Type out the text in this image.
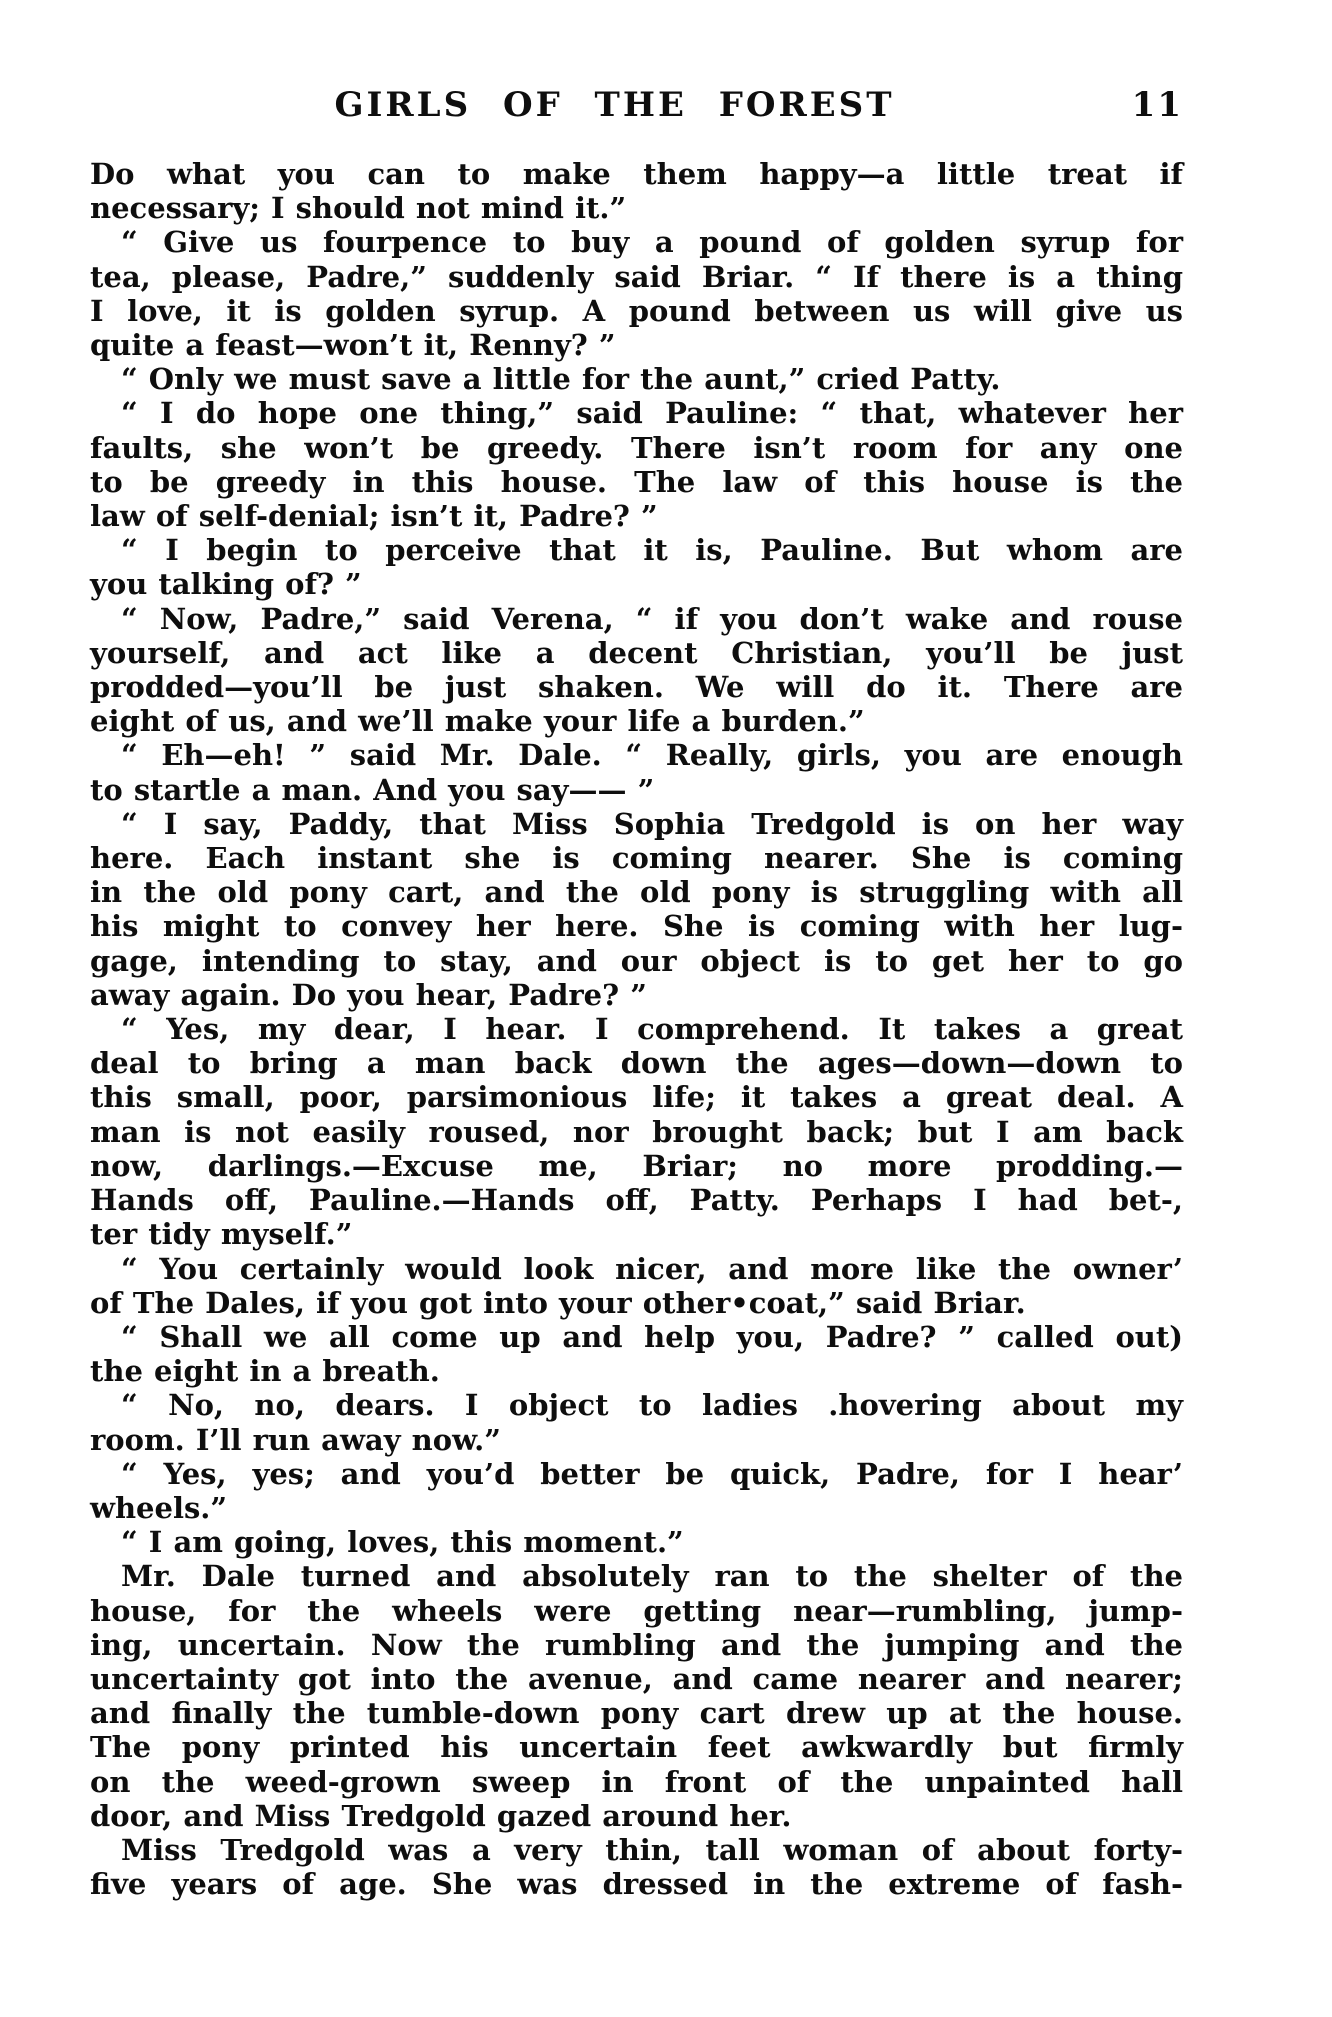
GIRLS OF THE FOREST	11
Do what you can to make them happy—a little treat if
necessary; I should not mind it.”
“ Give us fourpence to buy a pound of golden syrup for
tea, please, Padre,” suddenly said Briar. “ If there is a thing
I love, it is golden syrup. A pound between us will give us
quite a feast—won’t it, Renny? ”
“ Only we must save a little for the aunt,” cried Patty.
“ I do hope one thing,” said Pauline: “ that, whatever her
faults, she won’t be greedy. There isn’t room for any one
to be greedy in this house. The law of this house is the
law of self-denial; isn’t it, Padre? ”
“ I begin to perceive that it is, Pauline. But whom are
you talking of? ”
“ Now, Padre,” said Verena, “ if you don’t wake and rouse
yourself, and act like a decent Christian, you’ll be just
prodded—you’ll be just shaken. We will do it. There are
eight of us, and we’ll make your life a burden.”
“ Eh—eh! ” said Mr. Dale. “ Really, girls, you are enough
to startle a man. And you say—— ”
“ I say, Paddy, that Miss Sophia Tredgold is on her way
here. Each instant she is coming nearer. She is coming
in the old pony cart, and the old pony is struggling with all
his might to convey her here. She is coming with her lug-
gage, intending to stay, and our object is to get her to go
away again. Do you hear, Padre? ”
“ Yes, my dear, I hear. I comprehend. It takes a great
deal to bring a man back down the ages—down—down to
this small, poor, parsimonious life; it takes a great deal. A
man is not easily roused, nor brought back; but I am back
now, darlings.—Excuse me, Briar; no more prodding.—
Hands off, Pauline.—Hands off, Patty. Perhaps I had bet-,
ter tidy myself.”
“ You certainly would look nicer, and more like the owner’
of The Dales, if you got into your other•coat,” said Briar.
“ Shall we all come up and help you, Padre? ” called out)
the eight in a breath.
“ No, no, dears. I object to ladies .hovering about my
room. I’ll run away now.”
“ Yes, yes; and you’d better be quick, Padre, for I hear’
wheels.”
“ I am going, loves, this moment.”
Mr. Dale turned and absolutely ran to the shelter of the
house, for the wheels were getting near—rumbling, jump-
ing, uncertain. Now the rumbling and the jumping and the
uncertainty got into the avenue, and came nearer and nearer;
and finally the tumble-down pony cart drew up at the house.
The pony printed his uncertain feet awkwardly but firmly
on the weed-grown sweep in front of the unpainted hall
door, and Miss Tredgold gazed around her.
Miss Tredgold was a very thin, tall woman of about forty-
five years of age. She was dressed in the extreme of fash-
